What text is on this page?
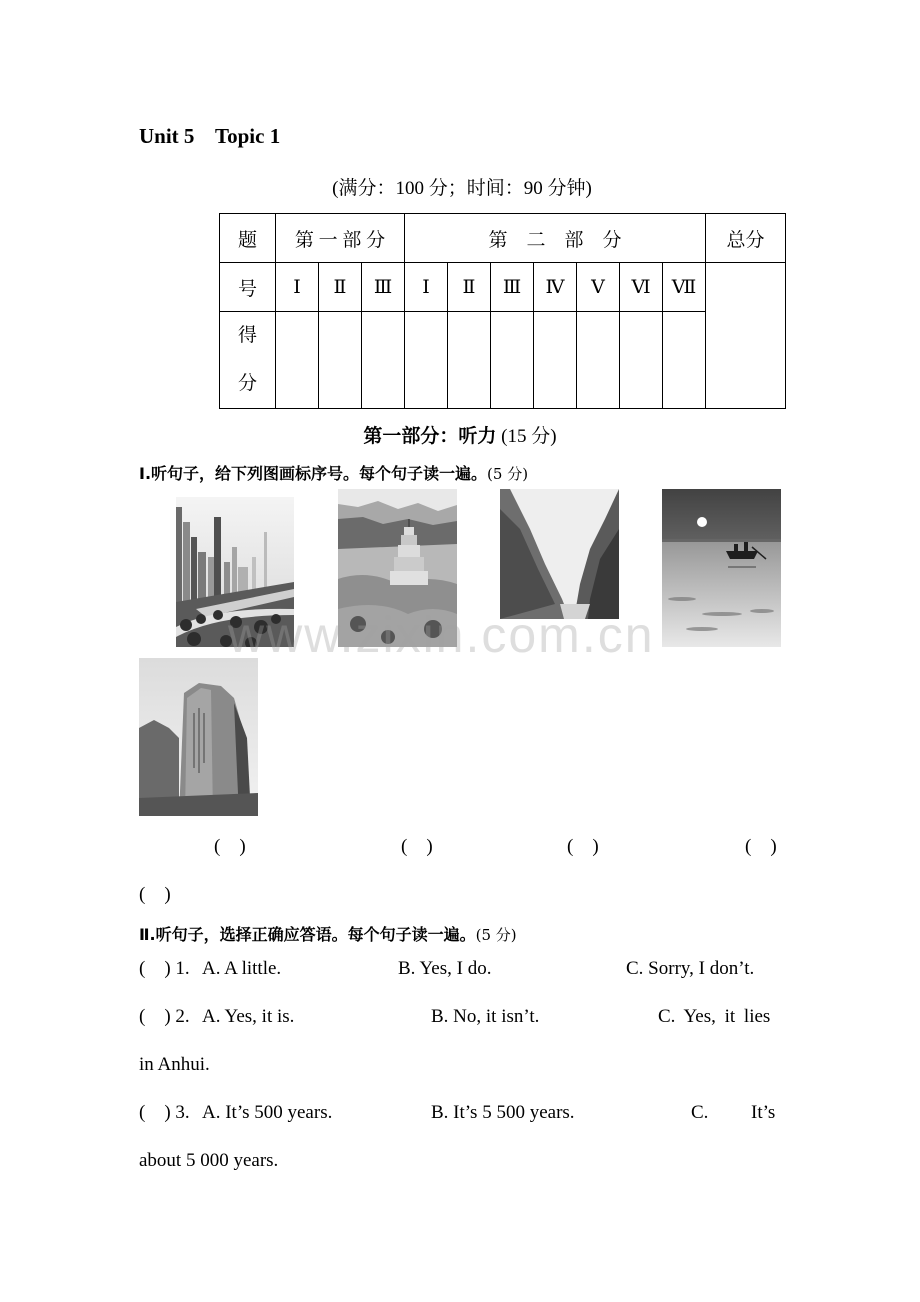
Unit 5    Topic 1
(满分：100 分；时间：90 分钟)
题	第 一 部 分			第    二    部    分							总分
号	Ⅰ	Ⅱ	Ⅲ	Ⅰ	Ⅱ	Ⅲ	Ⅳ	Ⅴ	Ⅵ	Ⅶ	

得
分											

第一部分：听力 (15 分)
Ⅰ.听句子，给下列图画标序号。每个句子读一遍。(5 分)
www.zixin.com.cn
(    )	(    )	(    )	(    )
(    )
Ⅱ.听句子，选择正确应答语。每个句子读一遍。(5 分)
(    ) 1. A. A little.	B. Yes, I do.	C. Sorry, I don’t.
(    ) 2. A. Yes, it is.	B. No, it isn’t.	C. Yes, it lies
in Anhui.
(    ) 3. A. It’s 500 years.	B. It’s 5 500 years.	C. It’s
about 5 000 years.
